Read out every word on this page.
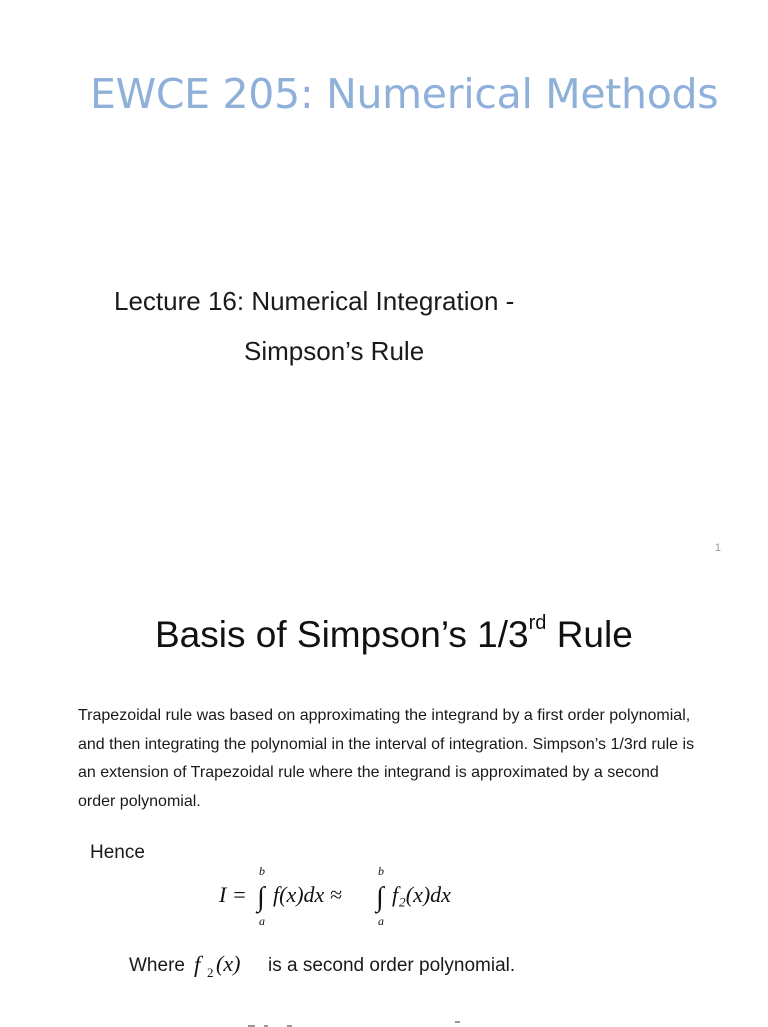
EWCE 205: Numerical Methods

Lecture 16: Numerical Integration -

Simpson’s Rule

1
Basis of Simpson’s 1/3rd Rule

Trapezoidal rule was based on approximating the integrand by a first order polynomial, and then integrating the polynomial in the interval of integration. Simpson’s 1/3rd rule is an extension of Trapezoidal rule where the integrand is approximated by a second order polynomial.

Hence
I =
b
∫
a
f(x)dx ≈
b
∫
a
f₂(x)dx
Where f 2 (x) is a second order polynomial.
